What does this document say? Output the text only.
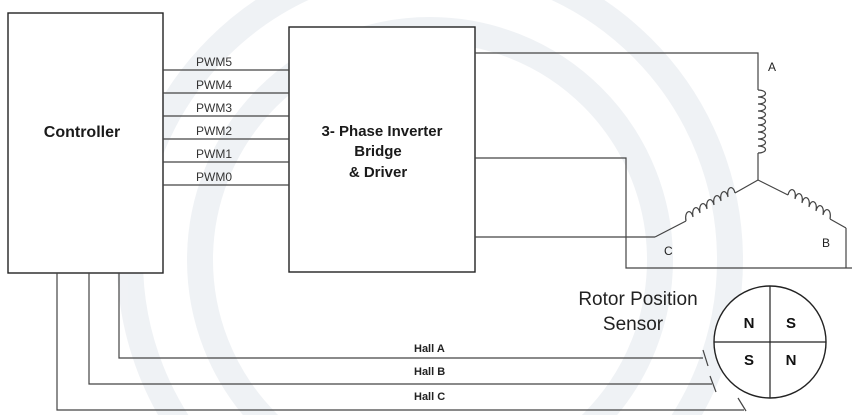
Controller	3- Phase Inverter
Bridge
& Driver
PWM5
PWM4
PWM3
PWM2
PWM1
PWM0
A
B
C
Rotor Position
Sensor	N S
S N
Hall A
Hall B
Hall C
